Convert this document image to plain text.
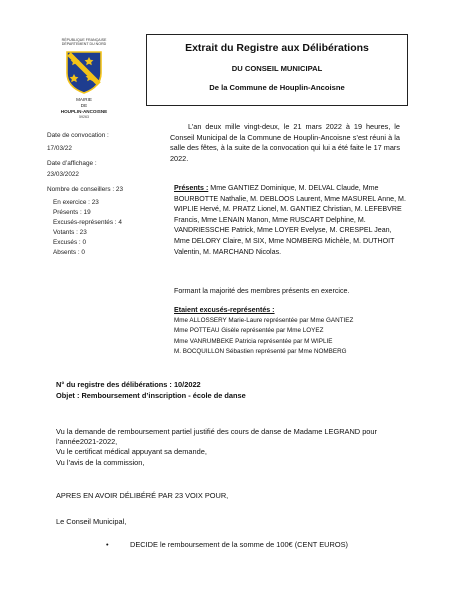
RÉPUBLIQUE FRANÇAISE
DÉPARTEMENT DU NORD
MAIRIE
DE
HOUPLIN-ANCOISNE
59263
Extrait du Registre aux Délibérations
DU CONSEIL MUNICIPAL
De la Commune de Houplin-Ancoisne
Date de convocation :
17/03/22
Date d’affichage :
23/03/2022
Nombre de conseillers : 23
En exercice : 23
Présents : 19
Excusés-représentés : 4
Votants : 23
Excusés : 0
Absents : 0
L’an deux mille vingt-deux, le 21 mars 2022 à 19 heures, le Conseil Municipal de la Commune de Houplin-Ancoisne s’est réuni à la salle des fêtes, à la suite de la convocation qui lui a été faite le 17 mars 2022.
Présents : Mme GANTIEZ Dominique, M. DELVAL Claude, Mme BOURBOTTE Nathalie, M. DEBLOOS Laurent, Mme MASUREL Anne, M. WIPLIE Hervé, M. PRATZ Lionel, M. GANTIEZ Christian, M. LEFEBVRE Francis, Mme LENAIN Manon, Mme RUSCART Delphine, M. VANDRIESSCHE Patrick, Mme LOYER Evelyse, M. CRESPEL Jean, Mme DELORY Claire, M SIX, Mme NOMBERG Michèle, M. DUTHOIT Valentin, M. MARCHAND Nicolas.
Formant la majorité des membres présents en exercice.
Etaient excusés-représentés :
Mme ALLOSSERY Marie-Laure représentée par Mme GANTIEZ
Mme POTTEAU Gisèle représentée par Mme LOYEZ
Mme VANRUMBEKE Patricia représentée par M WIPLIE
M. BOCQUILLON Sébastien représenté par Mme NOMBERG
N° du registre des délibérations : 10/2022
Objet : Remboursement d’inscription - école de danse
Vu la demande de remboursement partiel justifié des cours de danse de Madame LEGRAND pour l’année2021-2022,
Vu le certificat médical appuyant sa demande,
Vu l’avis de la commission,
APRES EN AVOIR DÉLIBÉRÉ PAR 23 VOIX POUR,
Le Conseil Municipal,
•	DECIDE le remboursement de la somme de 100€ (CENT EUROS)
